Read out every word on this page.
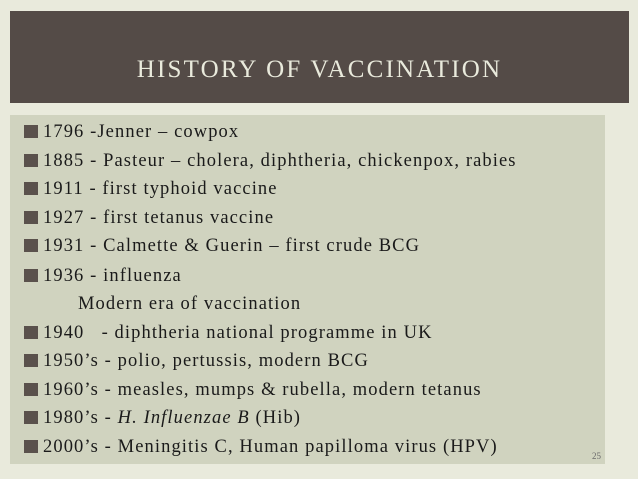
HISTORY OF VACCINATION
1796 -Jenner – cowpox
1885 - Pasteur – cholera, diphtheria, chickenpox, rabies
1911 - first typhoid vaccine
1927 - first tetanus vaccine
1931 - Calmette & Guerin – first crude BCG
1936 - influenza
Modern era of vaccination
1940   - diphtheria national programme in UK
1950’s - polio, pertussis, modern BCG
1960’s - measles, mumps & rubella, modern tetanus
1980’s - H. Influenzae B (Hib)
2000’s - Meningitis C, Human papilloma virus (HPV)	25
